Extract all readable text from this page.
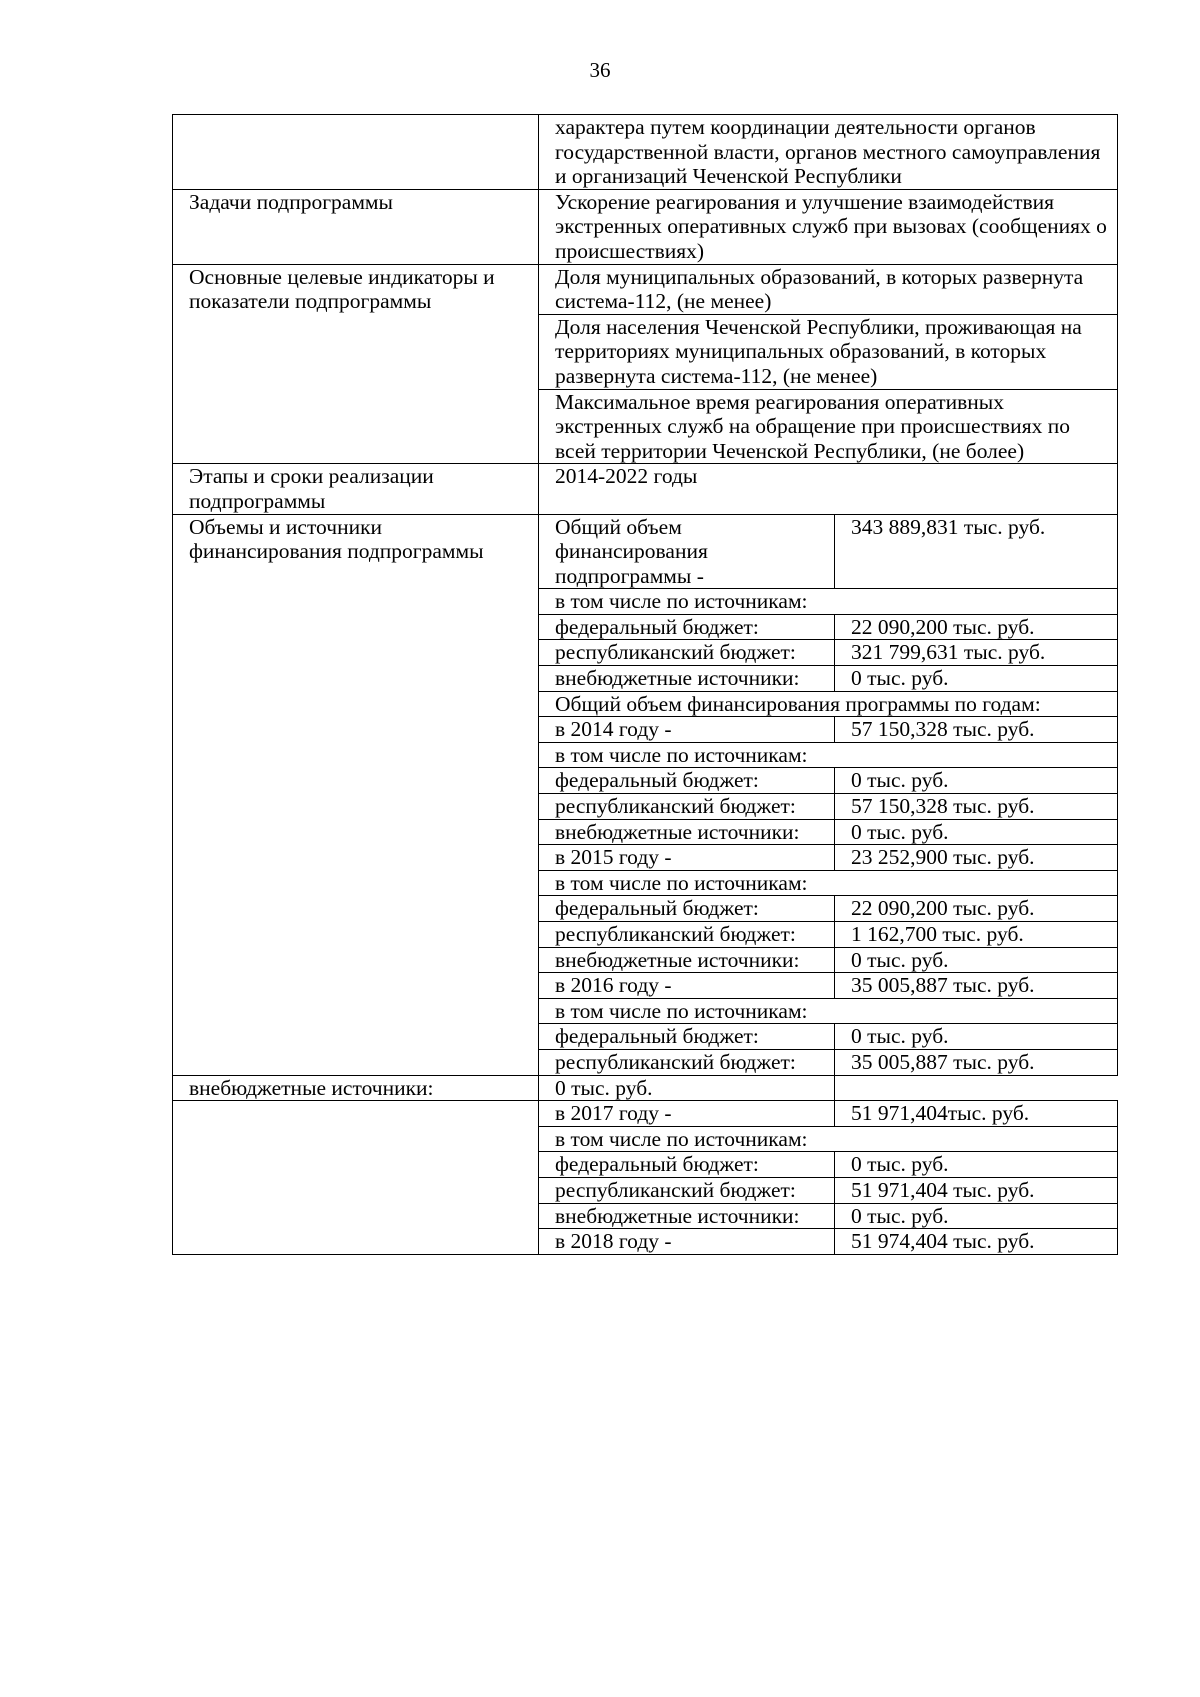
36
	характера путем координации деятельности органов государственной власти, органов местного самоуправления и организаций Чеченской Республики	
Задачи подпрограммы	Ускорение реагирования и улучшение взаимодействия экстренных оперативных служб при вызовах (сообщениях о происшествиях)	
Основные целевые индикаторы и показатели подпрограммы	Доля муниципальных образований, в которых развернута система-112, (не менее)	
	Доля населения Чеченской Республики, проживающая на территориях муниципальных образований, в которых развернута система-112, (не менее)	
	Максимальное время реагирования оперативных экстренных служб на обращение при происшествиях по всей территории Чеченской Республики, (не более)	
Этапы и сроки реализации подпрограммы	2014-2022 годы	
Объемы и источники финансирования подпрограммы	Общий объем финансирования подпрограммы -	343 889,831 тыс. руб.
	в том числе по источникам:	
	федеральный бюджет:	22 090,200 тыс. руб.
	республиканский бюджет:	321 799,631 тыс. руб.
	внебюджетные источники:	0 тыс. руб.
	Общий объем финансирования программы по годам:	
	в 2014 году -	57 150,328 тыс. руб.
	в том числе по источникам:	
	федеральный бюджет:	0 тыс. руб.
	республиканский бюджет:	57 150,328 тыс. руб.
	внебюджетные источники:	0 тыс. руб.
	в 2015 году -	23 252,900 тыс. руб.
	в том числе по источникам:	
	федеральный бюджет:	22 090,200 тыс. руб.
	республиканский бюджет:	1 162,700 тыс. руб.
	внебюджетные источники:	0 тыс. руб.
	в 2016 году -	35 005,887 тыс. руб.
	в том числе по источникам:	
	федеральный бюджет:	0 тыс. руб.
	республиканский бюджет:	35 005,887 тыс. руб.
внебюджетные источники:	0 тыс. руб.	
	в 2017 году -	51 971,404тыс. руб.
	в том числе по источникам:	
	федеральный бюджет:	0 тыс. руб.
	республиканский бюджет:	51 971,404 тыс. руб.
	внебюджетные источники:	0 тыс. руб.
	в 2018 году -	51 974,404 тыс. руб.
